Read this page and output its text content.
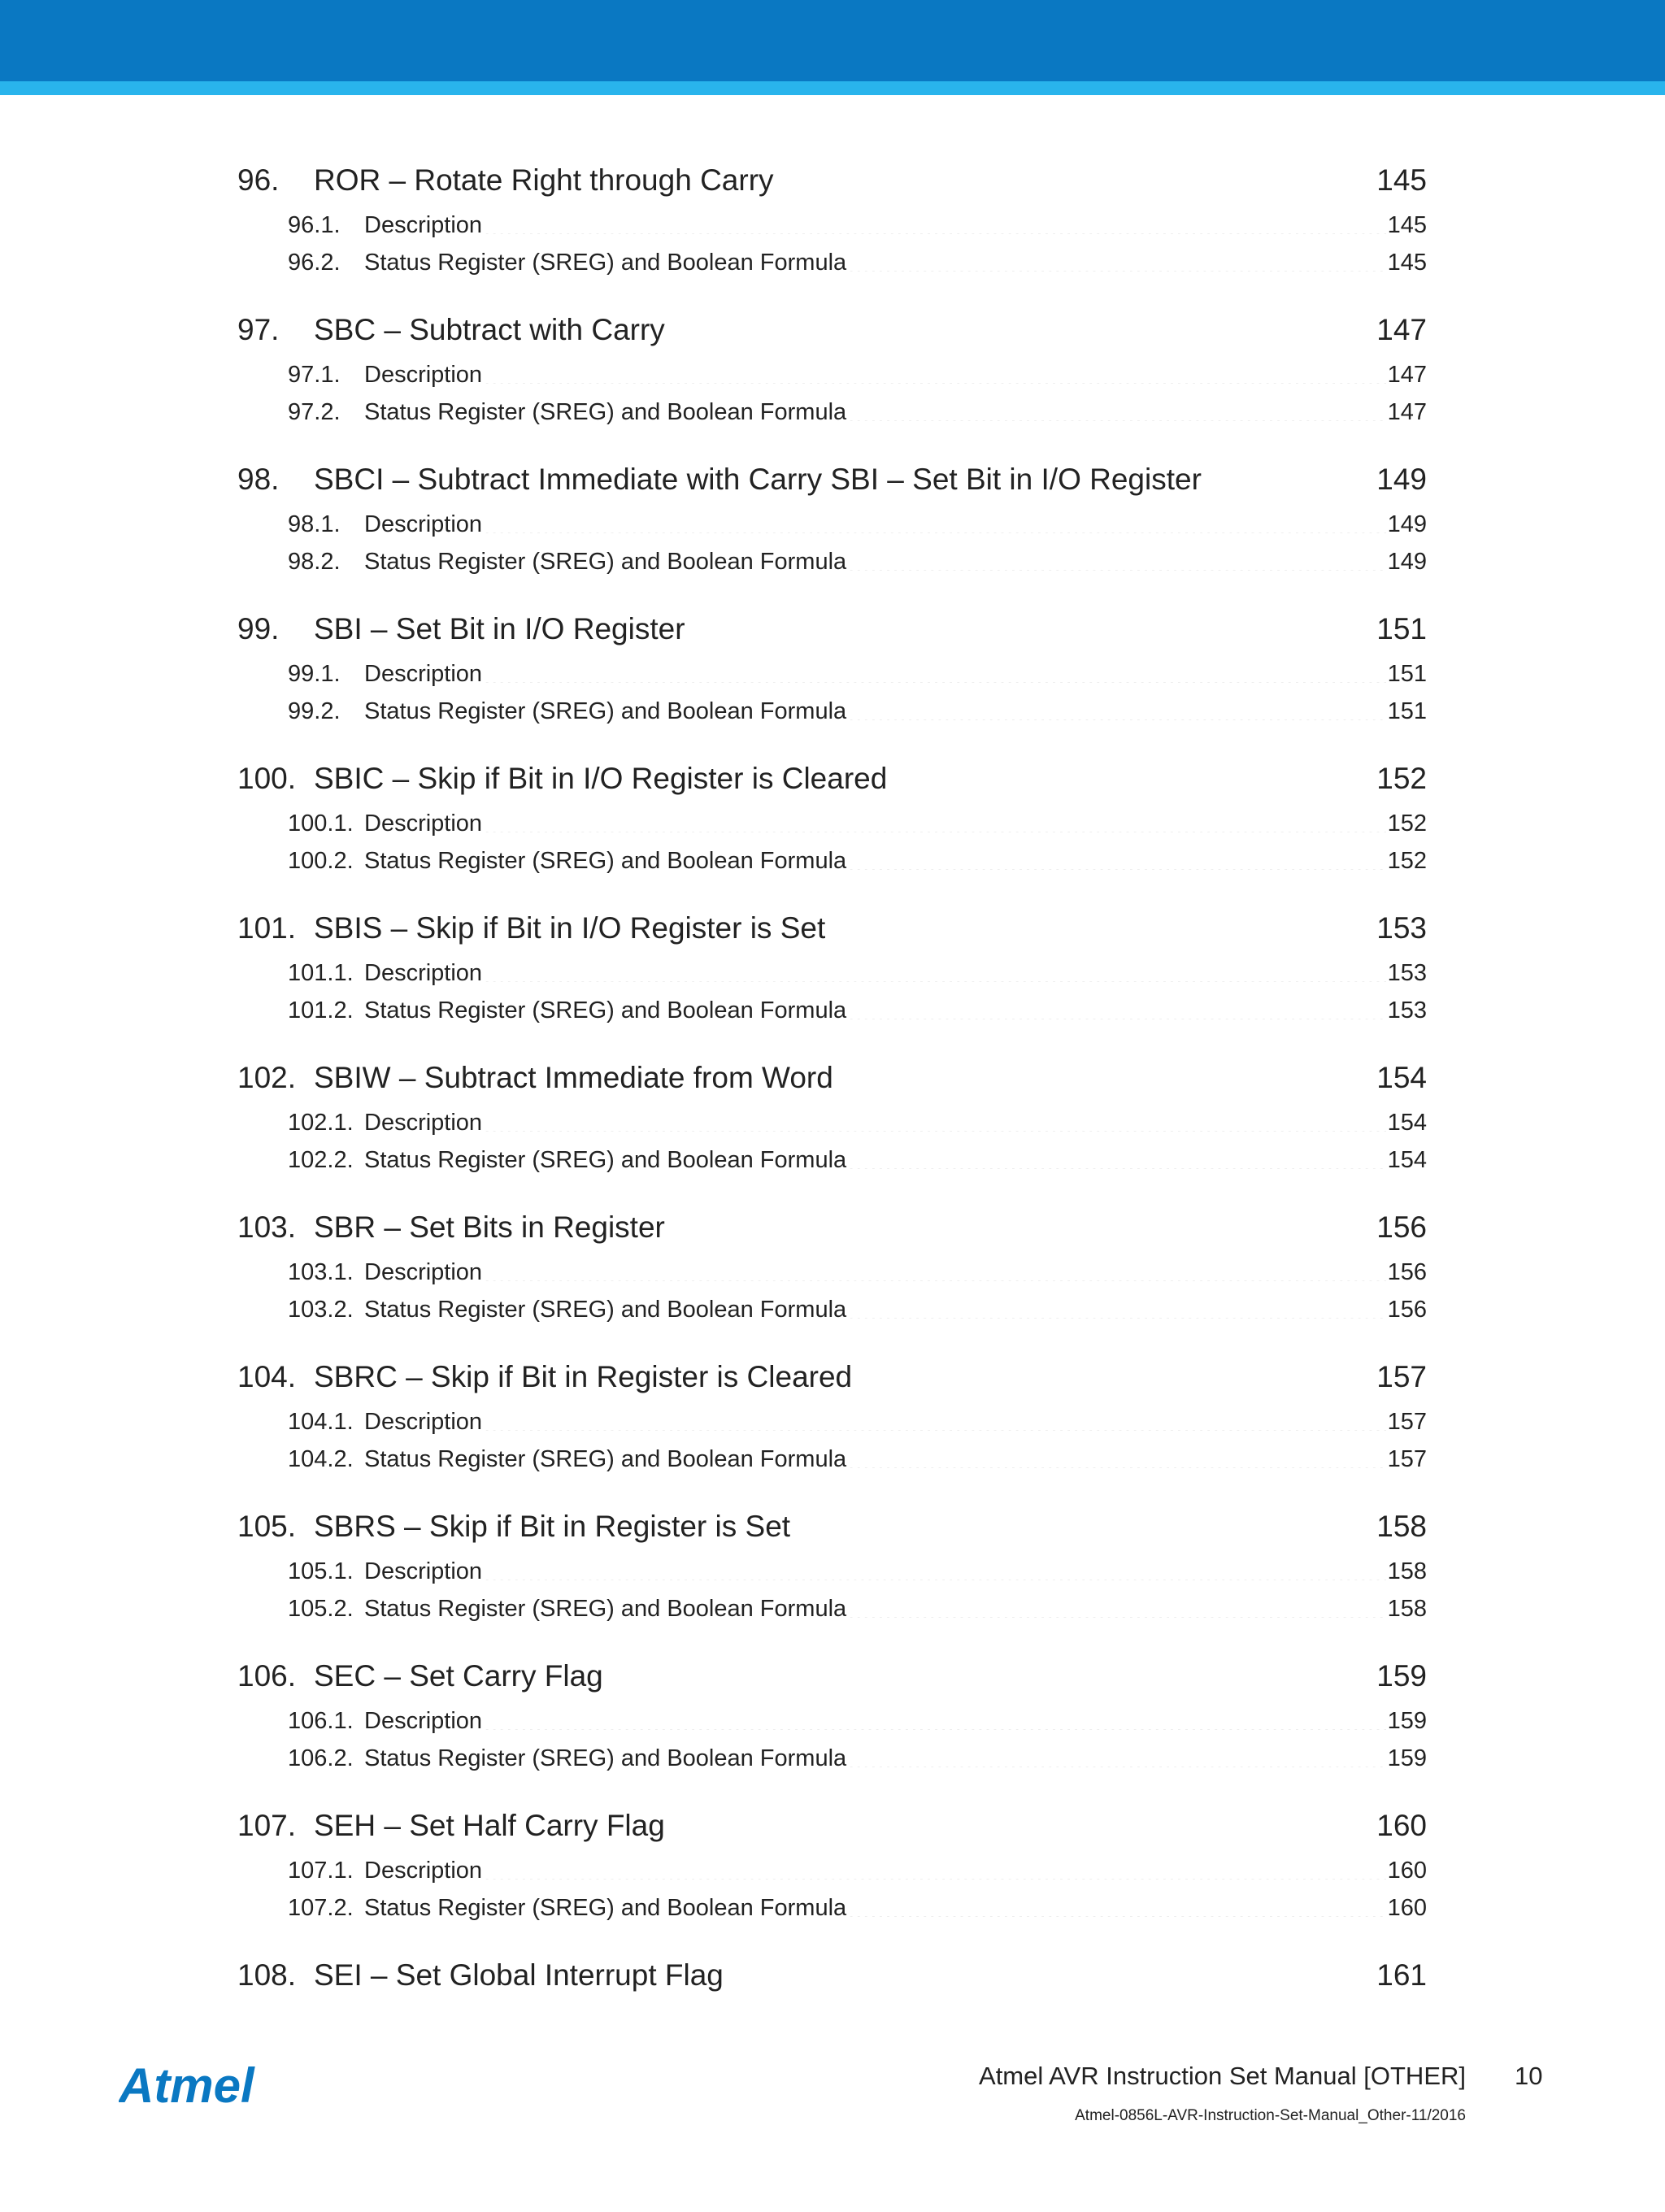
96.	ROR – Rotate Right through Carry .....	145
96.1.	Description .....	145
96.2.	Status Register (SREG) and Boolean Formula .....	145
97.	SBC – Subtract with Carry .....	147
97.1.	Description .....	147
97.2.	Status Register (SREG) and Boolean Formula .....	147
98.	SBCI – Subtract Immediate with Carry SBI – Set Bit in I/O Register .....	149
98.1.	Description .....	149
98.2.	Status Register (SREG) and Boolean Formula .....	149
99.	SBI – Set Bit in I/O Register .....	151
99.1.	Description .....	151
99.2.	Status Register (SREG) and Boolean Formula .....	151
100. SBIC – Skip if Bit in I/O Register is Cleared .....	152
100.1. Description .....	152
100.2. Status Register (SREG) and Boolean Formula .....	152
101. SBIS – Skip if Bit in I/O Register is Set .....	153
101.1. Description .....	153
101.2. Status Register (SREG) and Boolean Formula .....	153
102. SBIW – Subtract Immediate from Word .....	154
102.1. Description .....	154
102.2. Status Register (SREG) and Boolean Formula .....	154
103. SBR – Set Bits in Register .....	156
103.1. Description .....	156
103.2. Status Register (SREG) and Boolean Formula .....	156
104. SBRC – Skip if Bit in Register is Cleared .....	157
104.1. Description .....	157
104.2. Status Register (SREG) and Boolean Formula .....	157
105. SBRS – Skip if Bit in Register is Set .....	158
105.1. Description .....	158
105.2. Status Register (SREG) and Boolean Formula .....	158
106. SEC – Set Carry Flag .....	159
106.1. Description .....	159
106.2. Status Register (SREG) and Boolean Formula .....	159
107. SEH – Set Half Carry Flag .....	160
107.1. Description .....	160
107.2. Status Register (SREG) and Boolean Formula .....	160
108. SEI – Set Global Interrupt Flag .....	161
Atmel	Atmel AVR Instruction Set Manual [OTHER] 10
Atmel-0856L-AVR-Instruction-Set-Manual_Other-11/2016
